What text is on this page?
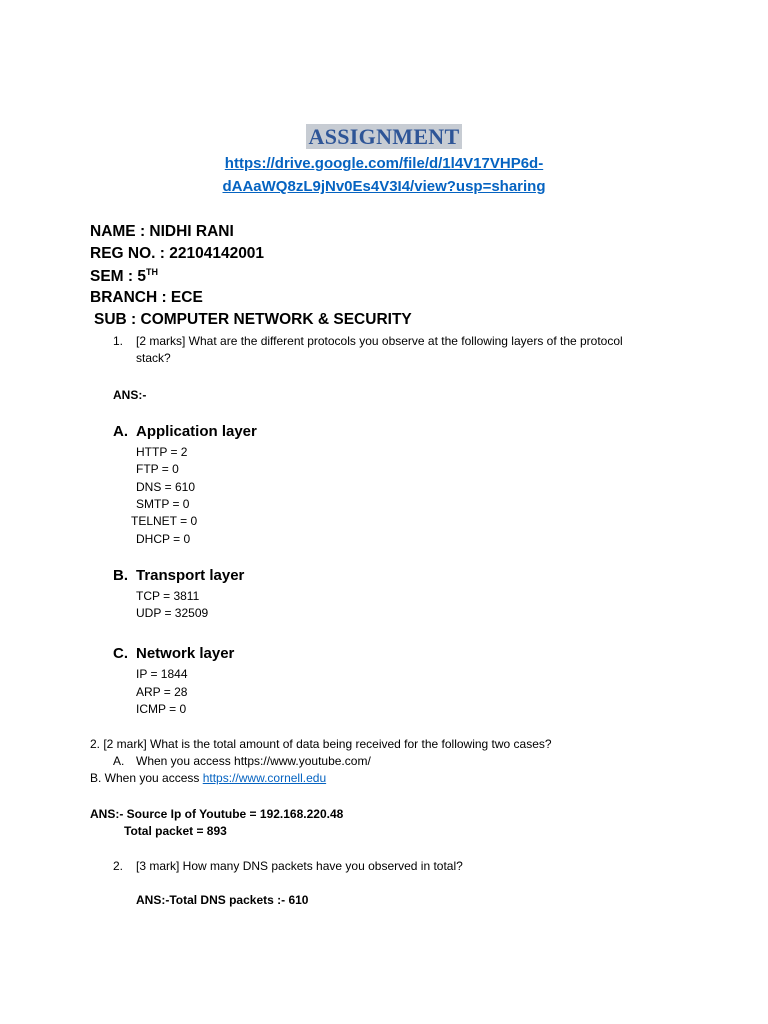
ASSIGNMENT
https://drive.google.com/file/d/1l4V17VHP6d-
dAAaWQ8zL9jNv0Es4V3I4/view?usp=sharing
NAME : NIDHI RANI
REG NO. : 22104142001
SEM : 5TH
BRANCH : ECE
SUB : COMPUTER NETWORK & SECURITY
1. [2 marks] What are the different protocols you observe at the following layers of the protocol
stack?
ANS:-
A. Application layer
HTTP = 2
FTP = 0
DNS = 610
SMTP = 0
TELNET = 0
DHCP = 0
B. Transport layer
TCP = 3811
UDP = 32509
C. Network layer
IP = 1844
ARP = 28
ICMP = 0
2. [2 mark] What is the total amount of data being received for the following two cases?
A. When you access https://www.youtube.com/
B. When you access https://www.cornell.edu
ANS:- Source Ip of Youtube = 192.168.220.48
Total packet = 893
2. [3 mark] How many DNS packets have you observed in total?
ANS:-Total DNS packets :- 610
